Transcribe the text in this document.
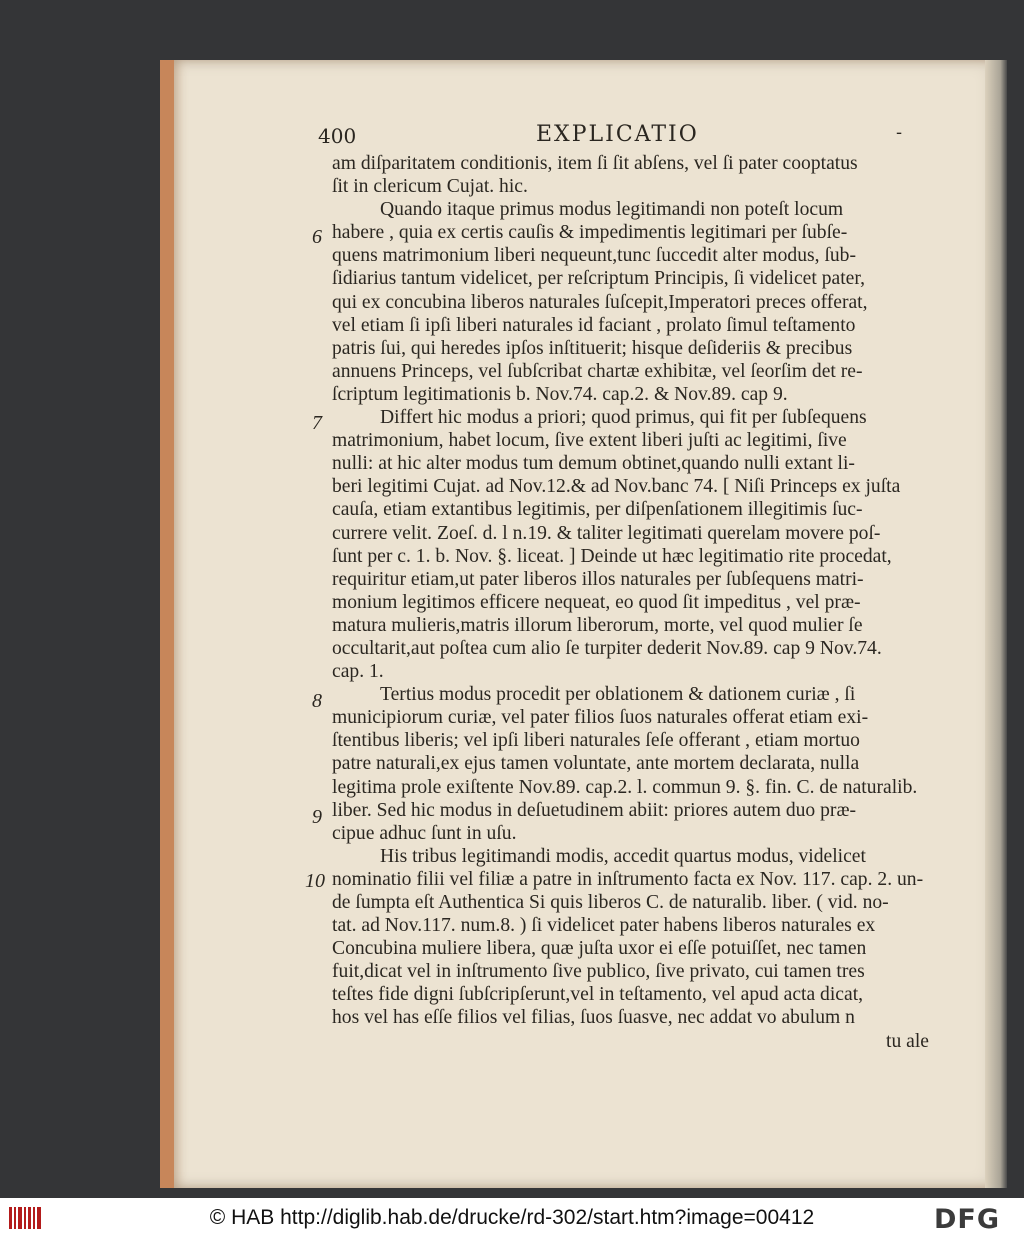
400	EXPLICATIO	-
6
7
8
9
10
am diſparitatem conditionis, item ſi ſit abſens, vel ſi pater cooptatus
ſit in clericum Cujat. hic.
Quando itaque primus modus legitimandi non poteſt locum
habere , quia ex certis cauſis & impedimentis legitimari per ſubſe-
quens matrimonium liberi nequeunt,tunc ſuccedit alter modus, ſub-
ſidiarius tantum videlicet, per reſcriptum Principis, ſi videlicet pater,
qui ex concubina liberos naturales ſuſcepit,Imperatori preces offerat,
vel etiam ſi ipſi liberi naturales id faciant , prolato ſimul teſtamento
patris ſui, qui heredes ipſos inſtituerit; hisque deſideriis & precibus
annuens Princeps, vel ſubſcribat chartæ exhibitæ, vel ſeorſim det re-
ſcriptum legitimationis b. Nov.74. cap.2. & Nov.89. cap 9.
Differt hic modus a priori; quod primus, qui fit per ſubſequens
matrimonium, habet locum, ſive extent liberi juſti ac legitimi, ſive
nulli: at hic alter modus tum demum obtinet,quando nulli extant li-
beri legitimi Cujat. ad Nov.12.& ad Nov.banc 74. [ Niſi Princeps ex juſta
cauſa, etiam extantibus legitimis, per diſpenſationem illegitimis ſuc-
currere velit. Zoeſ. d. l n.19. & taliter legitimati querelam movere poſ-
ſunt per c. 1. b. Nov. §. liceat. ] Deinde ut hæc legitimatio rite procedat,
requiritur etiam,ut pater liberos illos naturales per ſubſequens matri-
monium legitimos efficere nequeat, eo quod ſit impeditus , vel præ-
matura mulieris,matris illorum liberorum, morte, vel quod mulier ſe
occultarit,aut poſtea cum alio ſe turpiter dederit Nov.89. cap 9 Nov.74.
cap. 1.
Tertius modus procedit per oblationem & dationem curiæ , ſi
municipiorum curiæ, vel pater filios ſuos naturales offerat etiam exi-
ſtentibus liberis; vel ipſi liberi naturales ſeſe offerant , etiam mortuo
patre naturali,ex ejus tamen voluntate, ante mortem declarata, nulla
legitima prole exiſtente Nov.89. cap.2. l. commun 9. §. fin. C. de naturalib.
liber. Sed hic modus in deſuetudinem abiit: priores autem duo præ-
cipue adhuc ſunt in uſu.
His tribus legitimandi modis, accedit quartus modus, videlicet
nominatio filii vel filiæ a patre in inſtrumento facta ex Nov. 117. cap. 2. un-
de ſumpta eſt Authentica Si quis liberos C. de naturalib. liber. ( vid. no-
tat. ad Nov.117. num.8. ) ſi videlicet pater habens liberos naturales ex
Concubina muliere libera, quæ juſta uxor ei eſſe potuiſſet, nec tamen
fuit,dicat vel in inſtrumento ſive publico, ſive privato, cui tamen tres
teſtes fide digni ſubſcripſerunt,vel in teſtamento, vel apud acta dicat,
hos vel has eſſe filios vel filias, ſuos ſuasve, nec addat vo abulum n
tu ale
© HAB http://diglib.hab.de/drucke/rd-302/start.htm?image=00412	DFG
